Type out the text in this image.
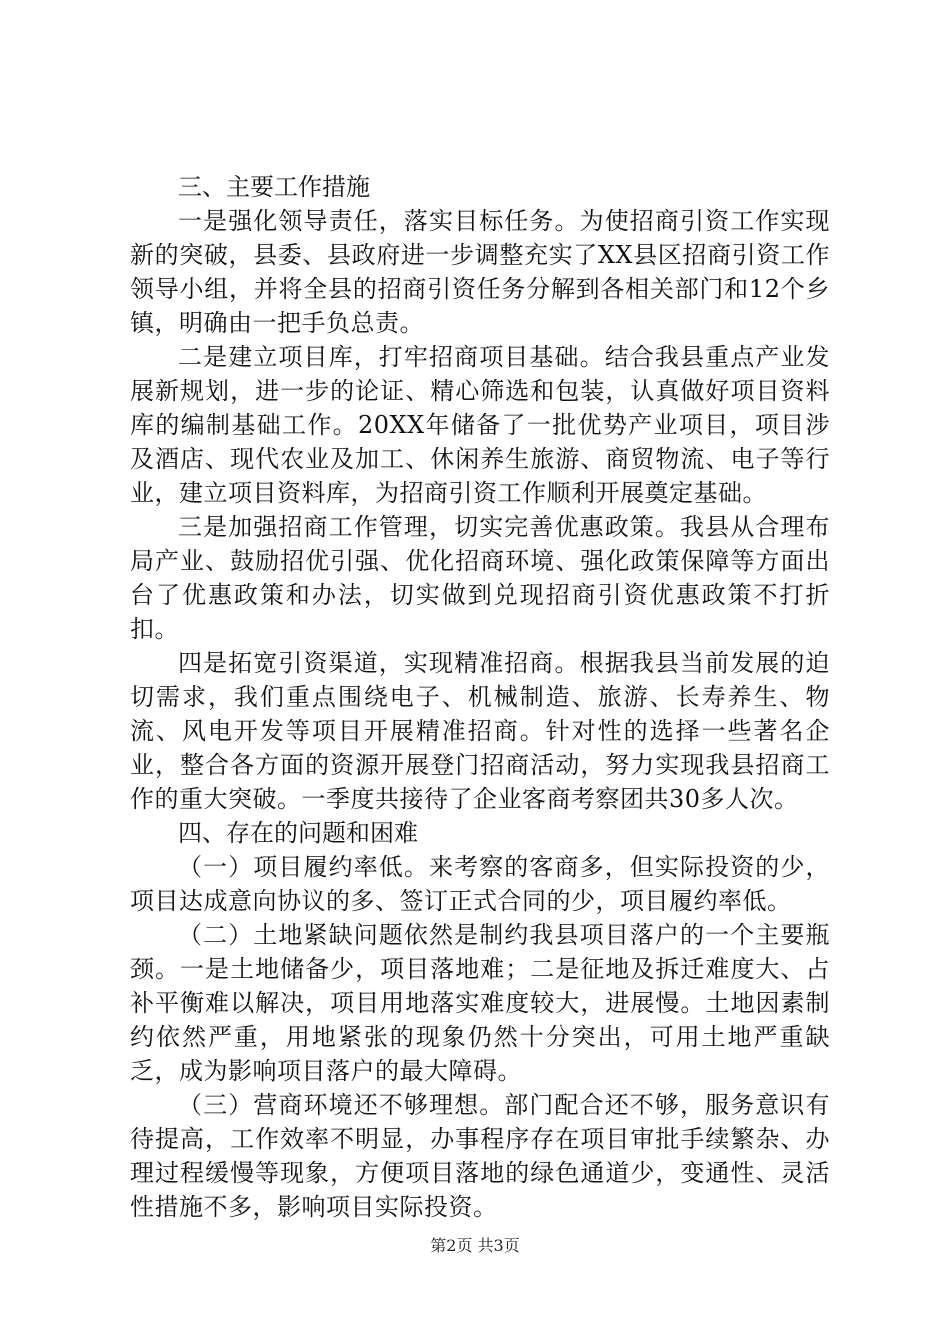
三、主要工作措施

一是强化领导责任，落实目标任务。为使招商引资工作实现新的突破，县委、县政府进一步调整充实了XX县区招商引资工作领导小组，并将全县的招商引资任务分解到各相关部门和12个乡镇，明确由一把手负总责。

二是建立项目库，打牢招商项目基础。结合我县重点产业发展新规划，进一步的论证、精心筛选和包装，认真做好项目资料库的编制基础工作。20XX年储备了一批优势产业项目，项目涉及酒店、现代农业及加工、休闲养生旅游、商贸物流、电子等行业，建立项目资料库，为招商引资工作顺利开展奠定基础。

三是加强招商工作管理，切实完善优惠政策。我县从合理布局产业、鼓励招优引强、优化招商环境、强化政策保障等方面出台了优惠政策和办法，切实做到兑现招商引资优惠政策不打折扣。

四是拓宽引资渠道，实现精准招商。根据我县当前发展的迫切需求，我们重点围绕电子、机械制造、旅游、长寿养生、物流、风电开发等项目开展精准招商。针对性的选择一些著名企业，整合各方面的资源开展登门招商活动，努力实现我县招商工作的重大突破。一季度共接待了企业客商考察团共30多人次。

四、存在的问题和困难

（一）项目履约率低。来考察的客商多，但实际投资的少，项目达成意向协议的多、签订正式合同的少，项目履约率低。

（二）土地紧缺问题依然是制约我县项目落户的一个主要瓶颈。一是土地储备少，项目落地难；二是征地及拆迁难度大、占补平衡难以解决，项目用地落实难度较大，进展慢。土地因素制约依然严重，用地紧张的现象仍然十分突出，可用土地严重缺乏，成为影响项目落户的最大障碍。

（三）营商环境还不够理想。部门配合还不够，服务意识有待提高，工作效率不明显，办事程序存在项目审批手续繁杂、办理过程缓慢等现象，方便项目落地的绿色通道少，变通性、灵活性措施不多，影响项目实际投资。

第2页 共3页
